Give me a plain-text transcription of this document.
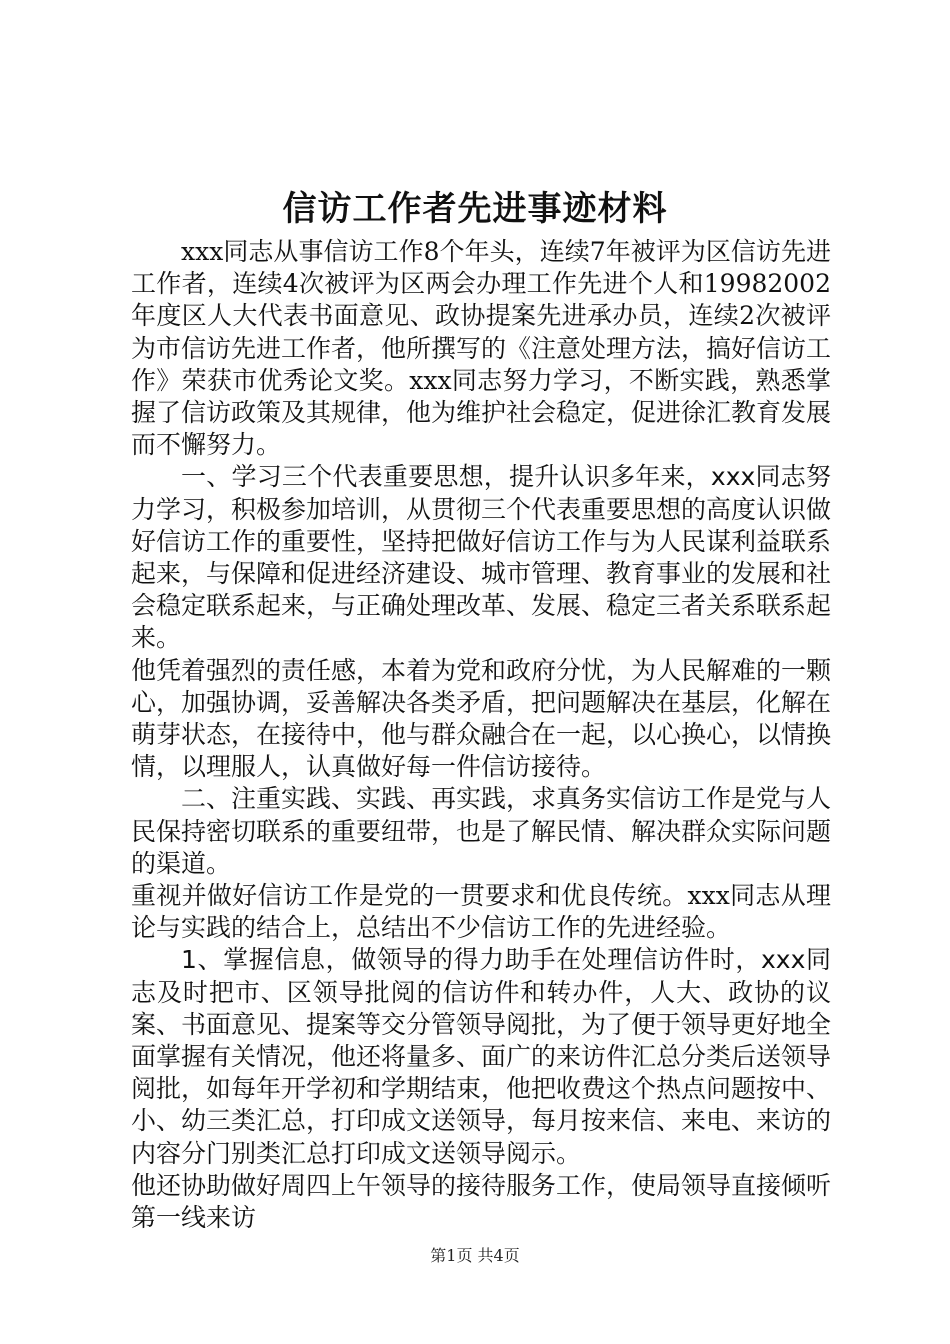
信访工作者先进事迹材料

xxx同志从事信访工作8个年头，连续7年被评为区信访先进工作者，连续4次被评为区两会办理工作先进个人和19982002年度区人大代表书面意见、政协提案先进承办员，连续2次被评为市信访先进工作者，他所撰写的《注意处理方法，搞好信访工作》荣获市优秀论文奖。xxx同志努力学习，不断实践，熟悉掌握了信访政策及其规律，他为维护社会稳定，促进徐汇教育发展而不懈努力。

一、学习三个代表重要思想，提升认识多年来，xxx同志努力学习，积极参加培训，从贯彻三个代表重要思想的高度认识做好信访工作的重要性，坚持把做好信访工作与为人民谋利益联系起来，与保障和促进经济建设、城市管理、教育事业的发展和社会稳定联系起来，与正确处理改革、发展、稳定三者关系联系起来。

他凭着强烈的责任感，本着为党和政府分忧，为人民解难的一颗心，加强协调，妥善解决各类矛盾，把问题解决在基层，化解在萌芽状态，在接待中，他与群众融合在一起，以心换心，以情换情，以理服人，认真做好每一件信访接待。

二、注重实践、实践、再实践，求真务实信访工作是党与人民保持密切联系的重要纽带，也是了解民情、解决群众实际问题的渠道。

重视并做好信访工作是党的一贯要求和优良传统。xxx同志从理论与实践的结合上，总结出不少信访工作的先进经验。

1、掌握信息，做领导的得力助手在处理信访件时，xxx同志及时把市、区领导批阅的信访件和转办件，人大、政协的议案、书面意见、提案等交分管领导阅批，为了便于领导更好地全面掌握有关情况，他还将量多、面广的来访件汇总分类后送领导阅批，如每年开学初和学期结束，他把收费这个热点问题按中、小、幼三类汇总，打印成文送领导，每月按来信、来电、来访的内容分门别类汇总打印成文送领导阅示。

他还协助做好周四上午领导的接待服务工作，使局领导直接倾听第一线来访

第1页 共4页
